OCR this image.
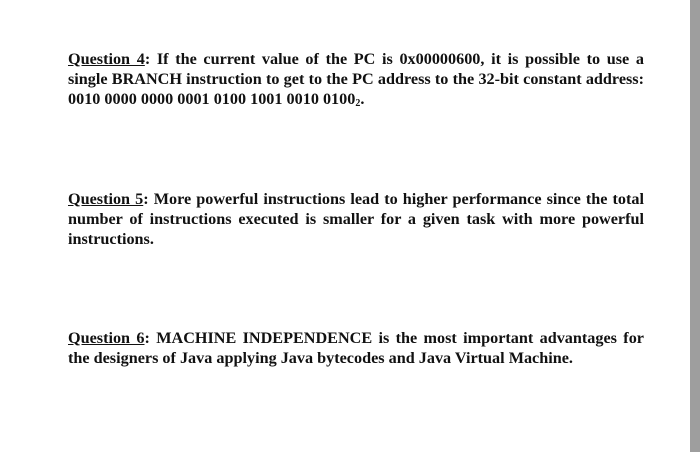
Question 4: If the current value of the PC is 0x00000600, it is possible to use a single BRANCH instruction to get to the PC address to the 32-bit constant address: 0010 0000 0000 0001 0100 1001 0010 $0100_2$.

Question 5: More powerful instructions lead to higher performance since the total number of instructions executed is smaller for a given task with more powerful instructions.

Question 6: MACHINE INDEPENDENCE is the most important advantages for the designers of Java applying Java bytecodes and Java Virtual Machine.
